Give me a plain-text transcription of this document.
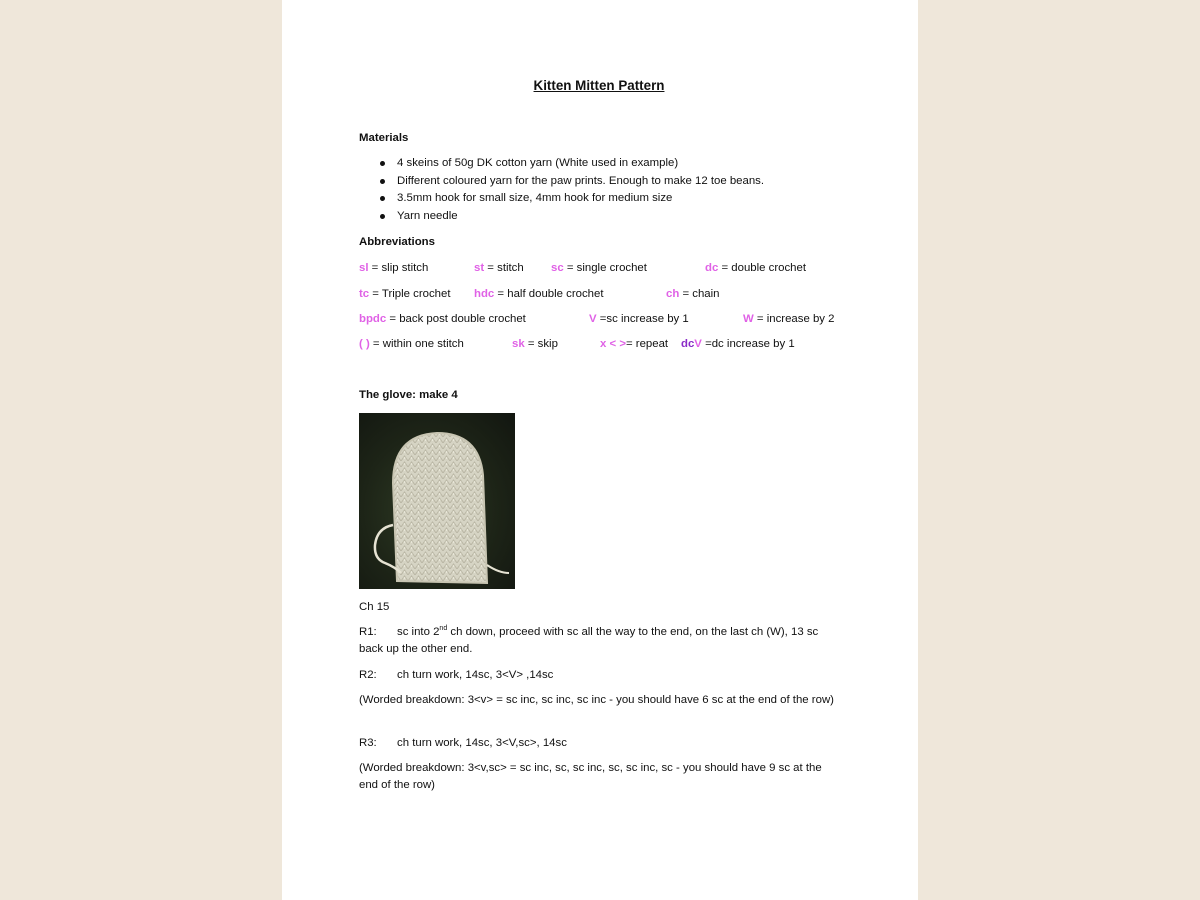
Kitten Mitten Pattern
Materials
4 skeins of 50g DK cotton yarn (White used in example)
Different coloured yarn for the paw prints. Enough to make 12 toe beans.
3.5mm hook for small size, 4mm hook for medium size
Yarn needle
Abbreviations
sl = slip stitch	st = stitch sc = single crochet	dc = double crochet
tc = Triple crochet hdc = half double crochet	ch = chain
bpdc = back post double crochet	V =sc increase by 1	W = increase by 2
( ) = within one stitch	sk = skip	x < >= repeat dcV =dc increase by 1
The glove: make 4
Ch 15
R1: sc into 2nd ch down, proceed with sc all the way to the end, on the last ch (W), 13 sc
back up the other end.
R2: ch turn work, 14sc, 3<V> ,14sc
(Worded breakdown: 3<v> = sc inc, sc inc, sc inc - you should have 6 sc at the end of the row)
R3: ch turn work, 14sc, 3<V,sc>, 14sc
(Worded breakdown: 3<v,sc> = sc inc, sc, sc inc, sc, sc inc, sc - you should have 9 sc at the end of the row)
